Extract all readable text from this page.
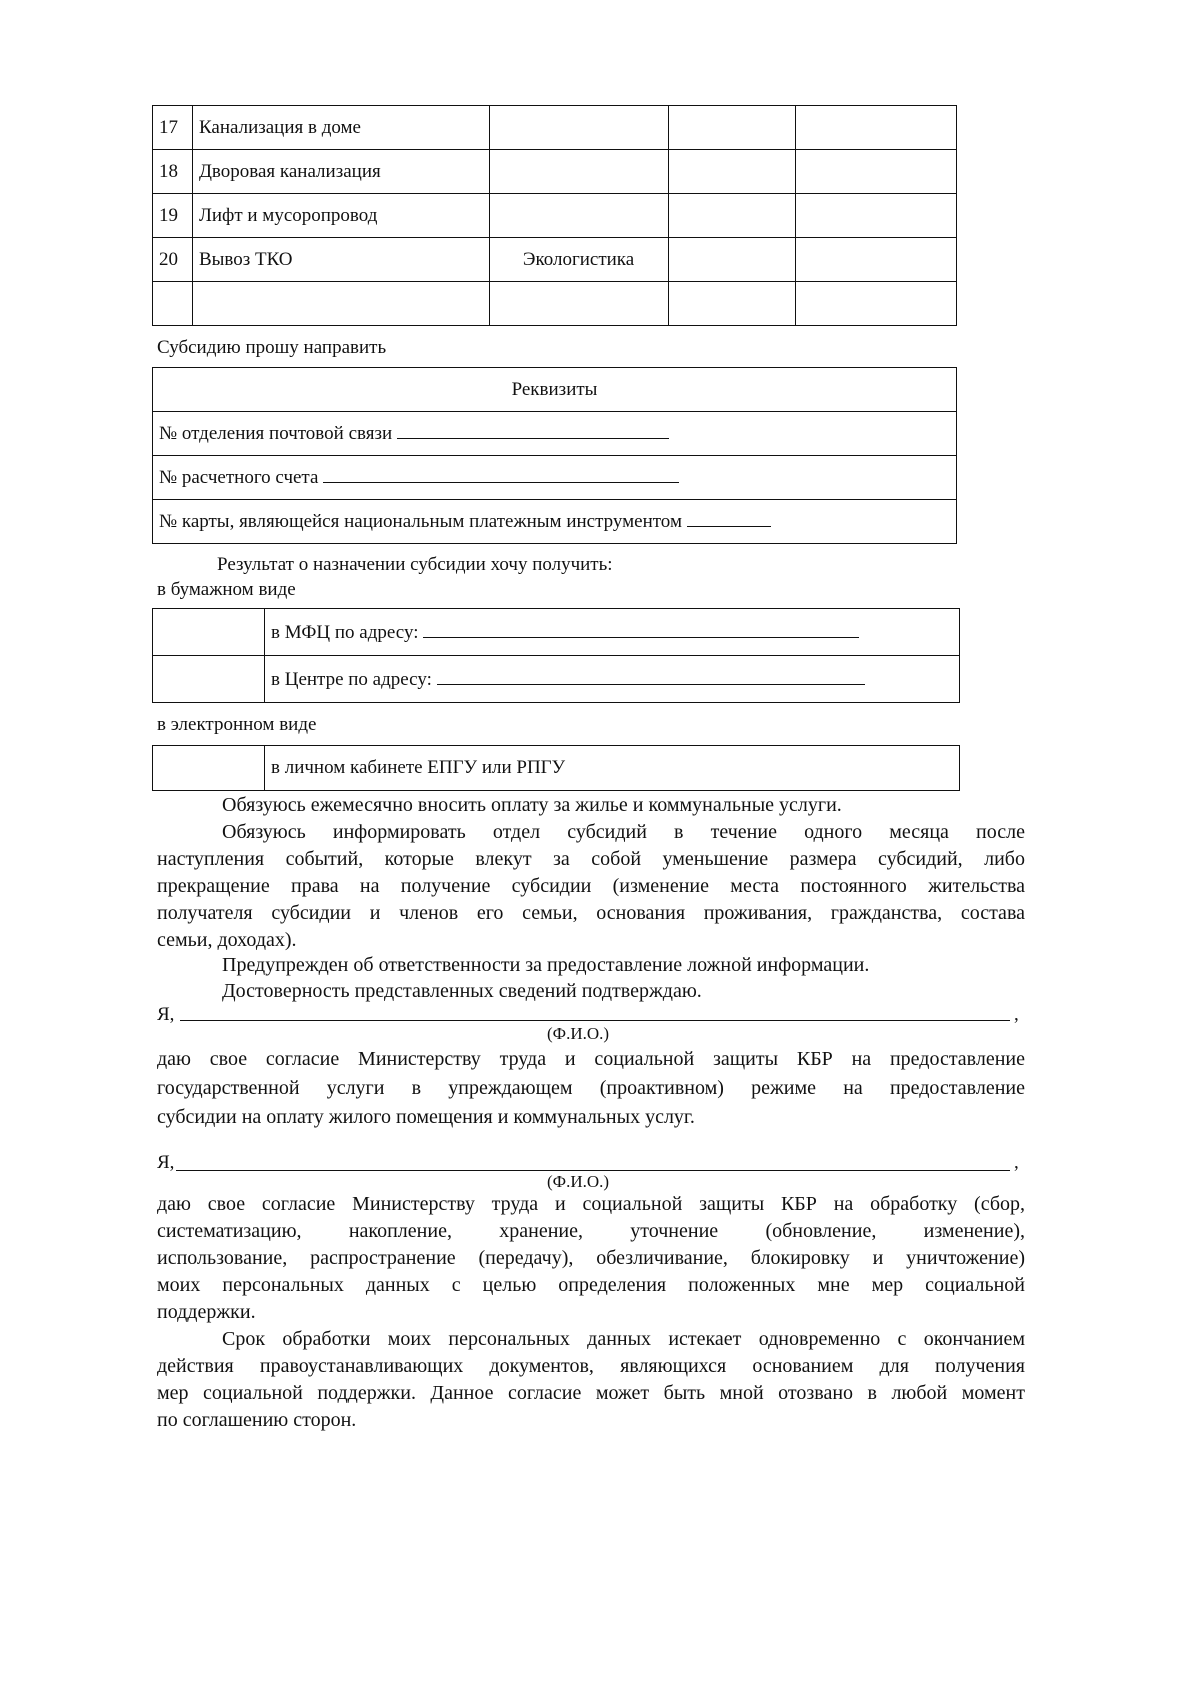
17	Канализация в доме			
18	Дворовая канализация			
19	Лифт и мусоропровод			
20	Вывоз ТКО	Экологистика		

Субсидию прошу направить
Реквизиты
№ отделения почтовой связи
№ расчетного счета
№ карты, являющейся национальным платежным инструментом
Результат о назначении субсидии хочу получить:
в бумажном виде
	в МФЦ по адресу:
	в Центре по адресу:
в электронном виде
	в личном кабинете ЕПГУ или РПГУ
Обязуюсь ежемесячно вносить оплату за жилье и коммунальные услуги.
Обязуюсь информировать отдел субсидий в течение одного месяца после
наступления событий, которые влекут за собой уменьшение размера субсидий, либо
прекращение права на получение субсидии (изменение места постоянного жительства
получателя субсидии и членов его семьи, основания проживания, гражданства, состава
семьи, доходах).
Предупрежден об ответственности за предоставление ложной информации.
Достоверность представленных сведений подтверждаю.
Я,	,
(Ф.И.О.)
даю свое согласие Министерству труда и социальной защиты КБР на предоставление
государственной услуги в упреждающем (проактивном) режиме на предоставление
субсидии на оплату жилого помещения и коммунальных услуг.
Я,	,
(Ф.И.О.)
даю свое согласие Министерству труда и социальной защиты КБР на обработку (сбор,
систематизацию, накопление, хранение, уточнение (обновление, изменение),
использование, распространение (передачу), обезличивание, блокировку и уничтожение)
моих персональных данных с целью определения положенных мне мер социальной
поддержки.
Срок обработки моих персональных данных истекает одновременно с окончанием
действия правоустанавливающих документов, являющихся основанием для получения
мер социальной поддержки. Данное согласие может быть мной отозвано в любой момент
по соглашению сторон.
